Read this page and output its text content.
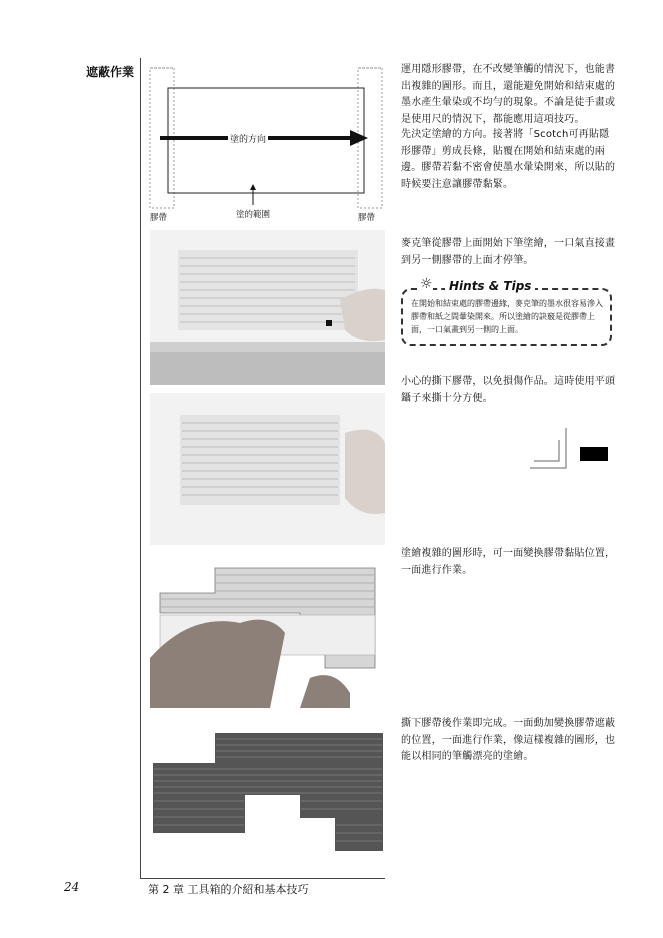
遮蔽作業
塗的方向
塗的範圍
膠帶	膠帶
運用隱形膠帶，在不改變筆觸的情況下，也能書出複雜的圖形。而且，還能避免開始和結束處的墨水產生暈染或不均勻的現象。不論是徒手畫或是使用尺的情況下，都能應用這項技巧。
先決定塗繪的方向。接著將「Scotch可再貼隱形膠帶」剪成長條，貼覆在開始和結束處的兩邊。膠帶若黏不密會使墨水暈染開來，所以貼的時候要注意讓膠帶黏緊。
麥克筆從膠帶上面開始下筆塗繪，一口氣直接畫到另一側膠帶的上面才停筆。
☼	Hints & Tips
在開始和結束處的膠帶邊緣，麥克筆的墨水很容易滲入膠帶和紙之間暈染開來。所以塗繪的訣竅是從膠帶上面，一口氣畫到另一側的上面。
小心的撕下膠帶，以免損傷作品。這時使用平頭鑷子來撕十分方便。
塗繪複雜的圖形時，可一面變換膠帶黏貼位置，一面進行作業。
撕下膠帶後作業即完成。一面動加變換膠帶遮蔽的位置，一面進行作業，像這樣複雜的圖形，也能以相同的筆觸漂亮的塗繪。
24	第 2 章 工具箱的介紹和基本技巧
